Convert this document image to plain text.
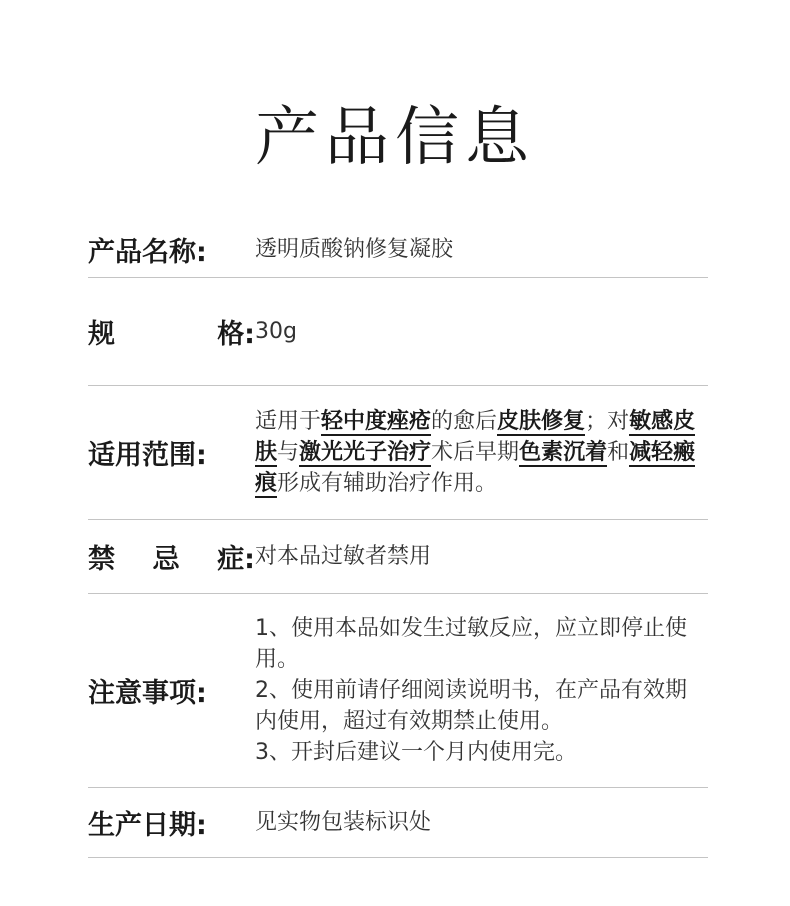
产品信息
产品名称:	透明质酸钠修复凝胶
规	格: 30g
适用范围:
适用于轻中度痤疮的愈后皮肤修复；对敏感皮肤与激光光子治疗术后早期色素沉着和减轻瘢痕形成有辅助治疗作用。
禁 忌 症: 对本品过敏者禁用
注意事项:

1、使用本品如发生过敏反应，应立即停止使用。

2、使用前请仔细阅读说明书，在产品有效期内使用，超过有效期禁止使用。

3、开封后建议一个月内使用完。

生产日期:	见实物包装标识处
